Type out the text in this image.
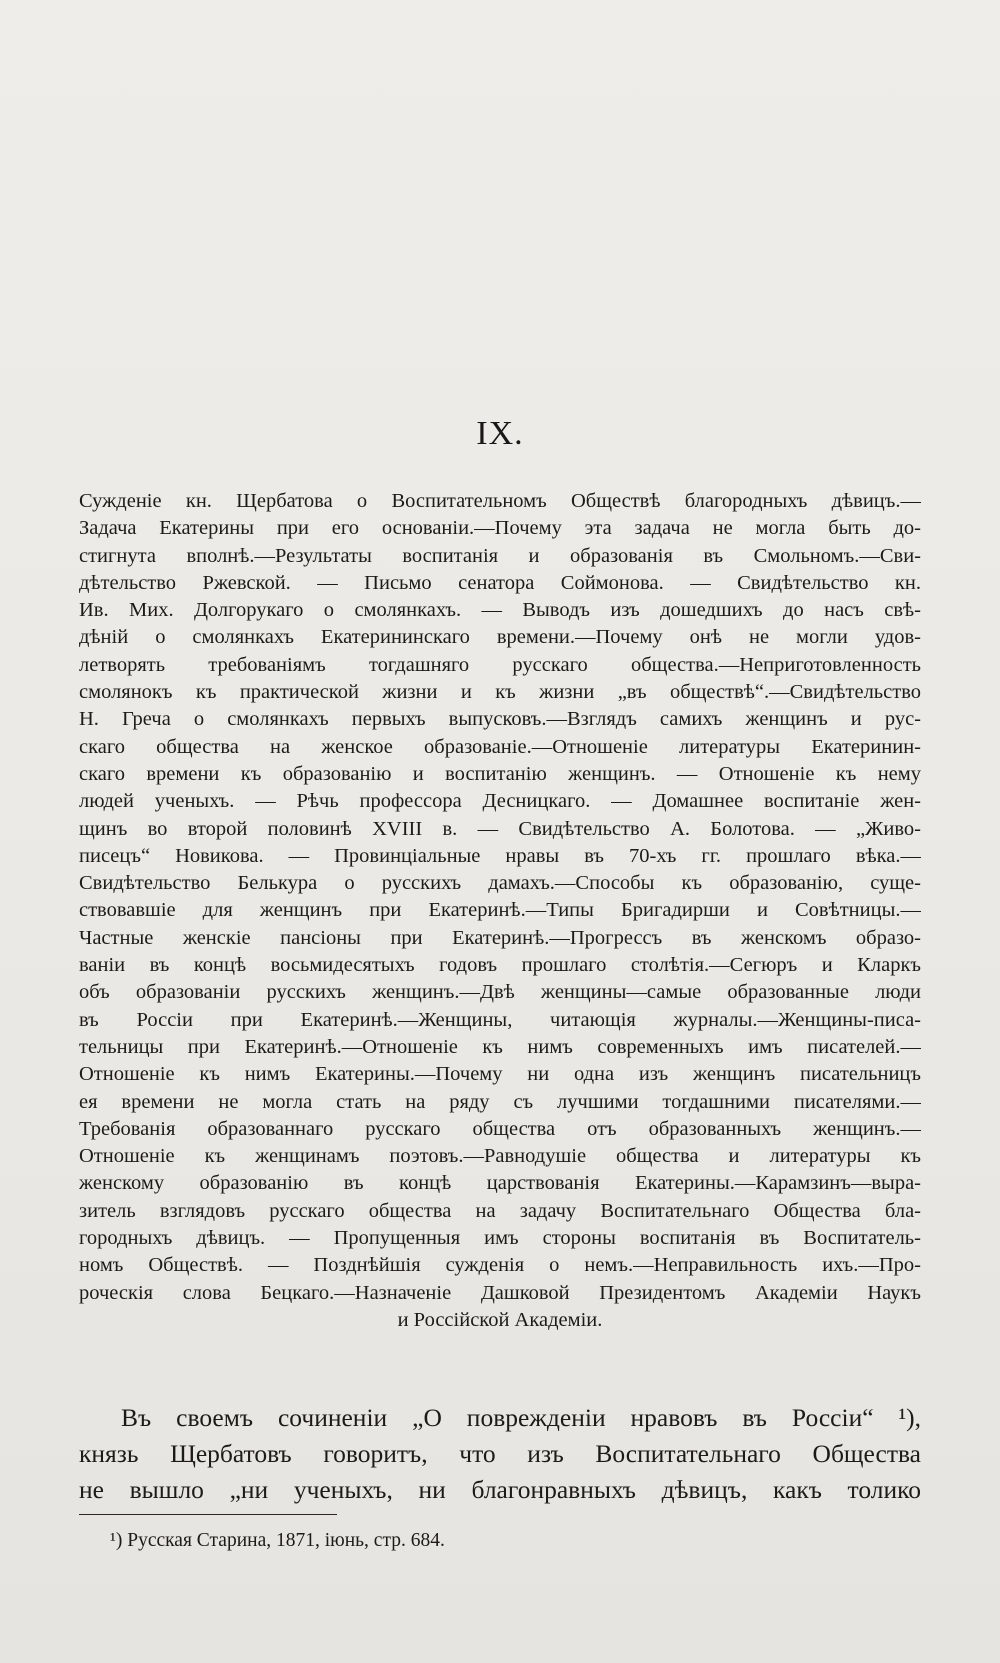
IX.
Сужденіе кн. Щербатова о Воспитательномъ Обществѣ благородныхъ дѣвицъ.—
Задача Екатерины при его основаніи.—Почему эта задача не могла быть до-
стигнута вполнѣ.—Результаты воспитанія и образованія въ Смольномъ.—Сви-
дѣтельство Ржевской. — Письмо сенатора Соймонова. — Свидѣтельство кн.
Ив. Мих. Долгорукаго о смолянкахъ. — Выводъ изъ дошедшихъ до насъ свѣ-
дѣній о смолянкахъ Екатерининскаго времени.—Почему онѣ не могли удов-
летворять требованіямъ тогдашняго русскаго общества.—Неприготовленность
смолянокъ къ практической жизни и къ жизни „въ обществѣ“.—Свидѣтельство
Н. Греча о смолянкахъ первыхъ выпусковъ.—Взглядъ самихъ женщинъ и рус-
скаго общества на женское образованіе.—Отношеніе литературы Екатеринин-
скаго времени къ образованію и воспитанію женщинъ. — Отношеніе къ нему
людей ученыхъ. — Рѣчь профессора Десницкаго. — Домашнее воспитаніе жен-
щинъ во второй половинѣ XVIII в. — Свидѣтельство А. Болотова. — „Живо-
писецъ“ Новикова. — Провинціальные нравы въ 70-хъ гг. прошлаго вѣка.—
Свидѣтельство Белькура о русскихъ дамахъ.—Способы къ образованію, суще-
ствовавшіе для женщинъ при Екатеринѣ.—Типы Бригадирши и Совѣтницы.—
Частные женскіе пансіоны при Екатеринѣ.—Прогрессъ въ женскомъ образо-
ваніи въ концѣ восьмидесятыхъ годовъ прошлаго столѣтія.—Сегюръ и Кларкъ
объ образованіи русскихъ женщинъ.—Двѣ женщины—самые образованные люди
въ Россіи при Екатеринѣ.—Женщины, читающія журналы.—Женщины-писа-
тельницы при Екатеринѣ.—Отношеніе къ нимъ современныхъ имъ писателей.—
Отношеніе къ нимъ Екатерины.—Почему ни одна изъ женщинъ писательницъ
ея времени не могла стать на ряду съ лучшими тогдашними писателями.—
Требованія образованнаго русскаго общества отъ образованныхъ женщинъ.—
Отношеніе къ женщинамъ поэтовъ.—Равнодушіе общества и литературы къ
женскому образованію въ концѣ царствованія Екатерины.—Карамзинъ—выра-
зитель взглядовъ русскаго общества на задачу Воспитательнаго Общества бла-
городныхъ дѣвицъ. — Пропущенныя имъ стороны воспитанія въ Воспитатель-
номъ Обществѣ. — Позднѣйшія сужденія о немъ.—Неправильность ихъ.—Про-
роческія слова Бецкаго.—Назначеніе Дашковой Президентомъ Академіи Наукъ
и Россійской Академіи.
Въ своемъ сочиненіи „О поврежденіи нравовъ въ Россіи“ ¹),
князь Щербатовъ говоритъ, что изъ Воспитательнаго Общества
не вышло „ни ученыхъ, ни благонравныхъ дѣвицъ, какъ толико
¹) Русская Старина, 1871, іюнь, стр. 684.
